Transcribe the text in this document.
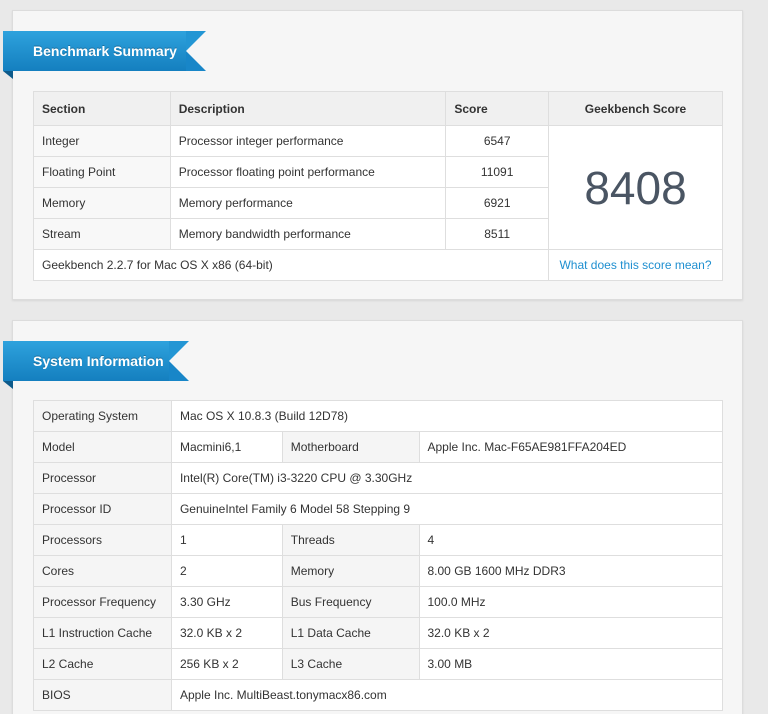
Benchmark Summary
Section	Description	Score	Geekbench Score
Integer	Processor integer performance	6547	8408
Floating Point	Processor floating point performance	11091	
Memory	Memory performance	6921	
Stream	Memory bandwidth performance	8511	
Geekbench 2.2.7 for Mac OS X x86 (64-bit)			What does this score mean?
System Information
Operating System	Mac OS X 10.8.3 (Build 12D78)		
Model	Macmini6,1	Motherboard	Apple Inc. Mac-F65AE981FFA204ED
Processor	Intel(R) Core(TM) i3-3220 CPU @ 3.30GHz		
Processor ID	GenuineIntel Family 6 Model 58 Stepping 9		
Processors	1	Threads	4
Cores	2	Memory	8.00 GB 1600 MHz DDR3
Processor Frequency	3.30 GHz	Bus Frequency	100.0 MHz
L1 Instruction Cache	32.0 KB x 2	L1 Data Cache	32.0 KB x 2
L2 Cache	256 KB x 2	L3 Cache	3.00 MB
BIOS	Apple Inc. MultiBeast.tonymacx86.com		
